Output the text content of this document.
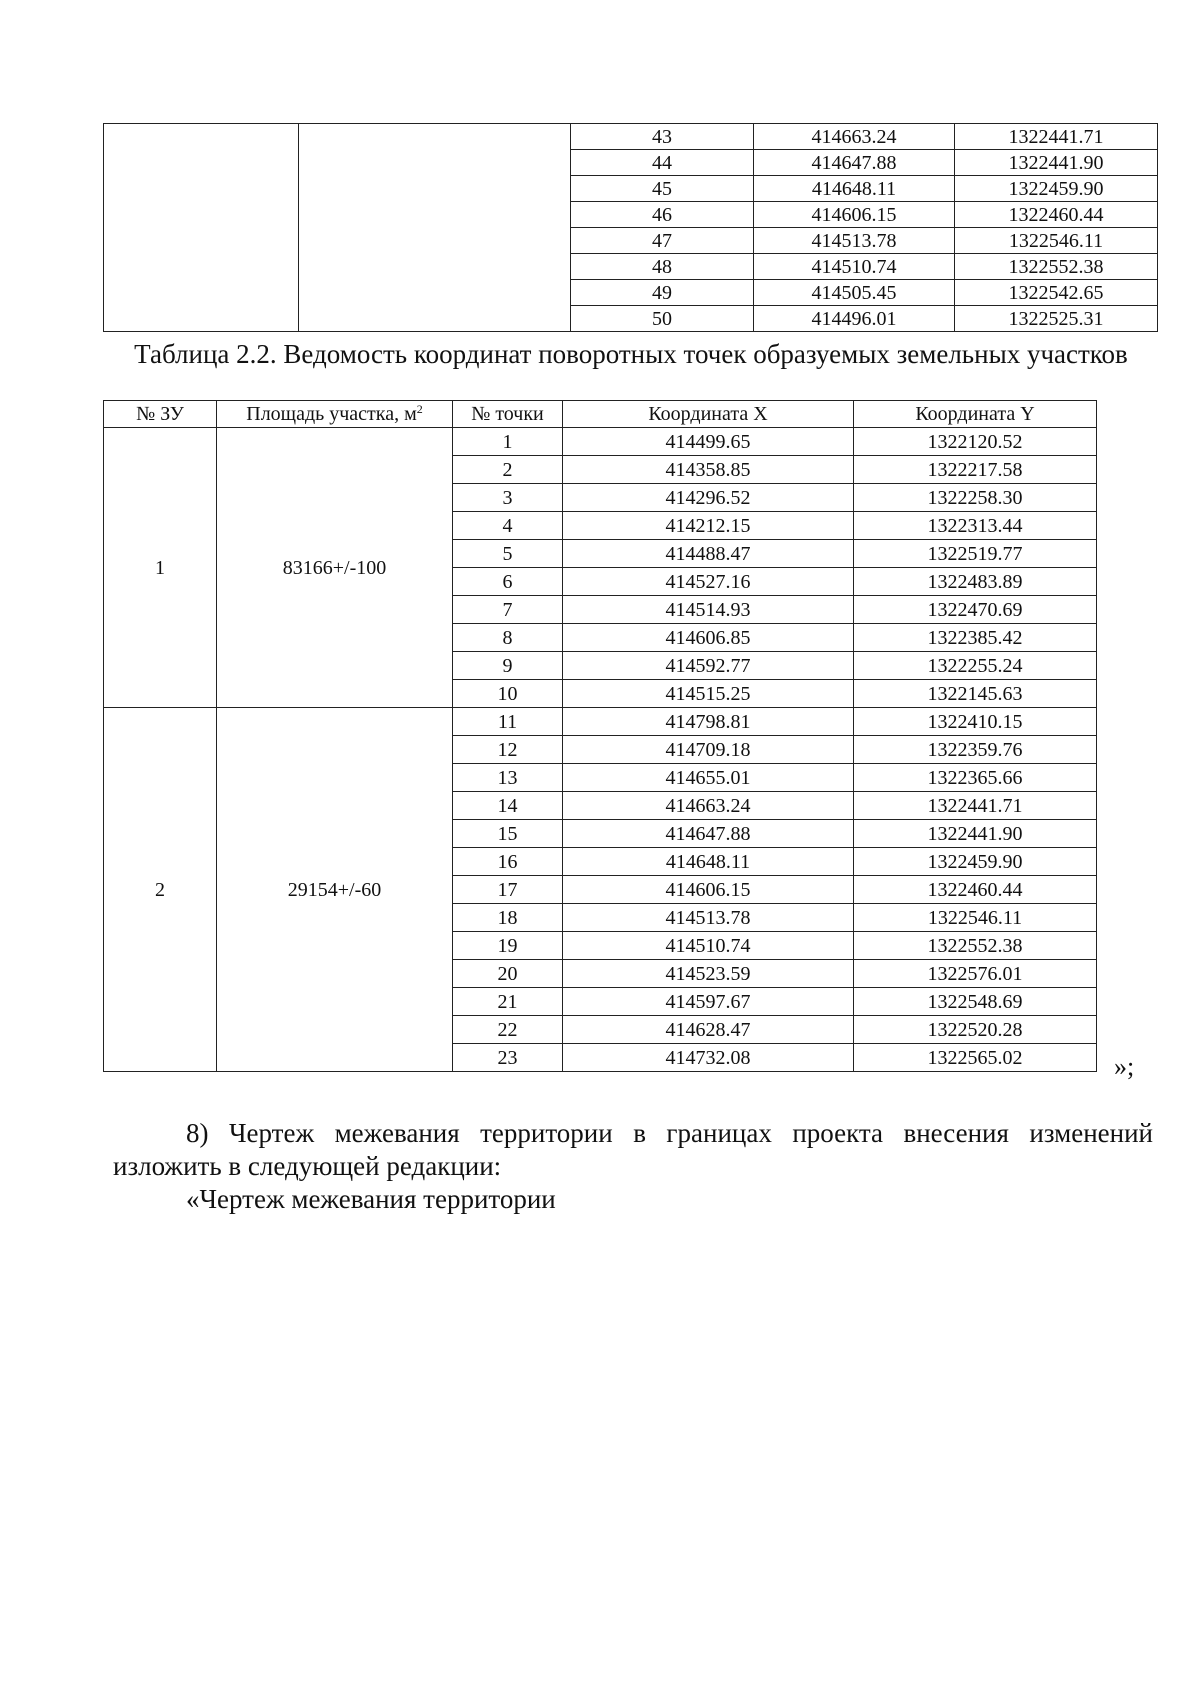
		43	414663.24	1322441.71
		44	414647.88	1322441.90
		45	414648.11	1322459.90
		46	414606.15	1322460.44
		47	414513.78	1322546.11
		48	414510.74	1322552.38
		49	414505.45	1322542.65
		50	414496.01	1322525.31
Таблица 2.2. Ведомость координат поворотных точек образуемых земельных участков
№ ЗУ	Площадь участка, $м^2$	№ точки	Координата X	Координата Y
1	83166+/-100	1	414499.65	1322120.52
		2	414358.85	1322217.58
		3	414296.52	1322258.30
		4	414212.15	1322313.44
		5	414488.47	1322519.77
		6	414527.16	1322483.89
		7	414514.93	1322470.69
		8	414606.85	1322385.42
		9	414592.77	1322255.24
		10	414515.25	1322145.63
2	29154+/-60	11	414798.81	1322410.15
		12	414709.18	1322359.76
		13	414655.01	1322365.66
		14	414663.24	1322441.71
		15	414647.88	1322441.90
		16	414648.11	1322459.90
		17	414606.15	1322460.44
		18	414513.78	1322546.11
		19	414510.74	1322552.38
		20	414523.59	1322576.01
		21	414597.67	1322548.69
		22	414628.47	1322520.28
		23	414732.08	1322565.02	»;
8) Чертеж межевания территории в границах проекта внесения изменений
изложить в следующей редакции:
«Чертеж межевания территории
